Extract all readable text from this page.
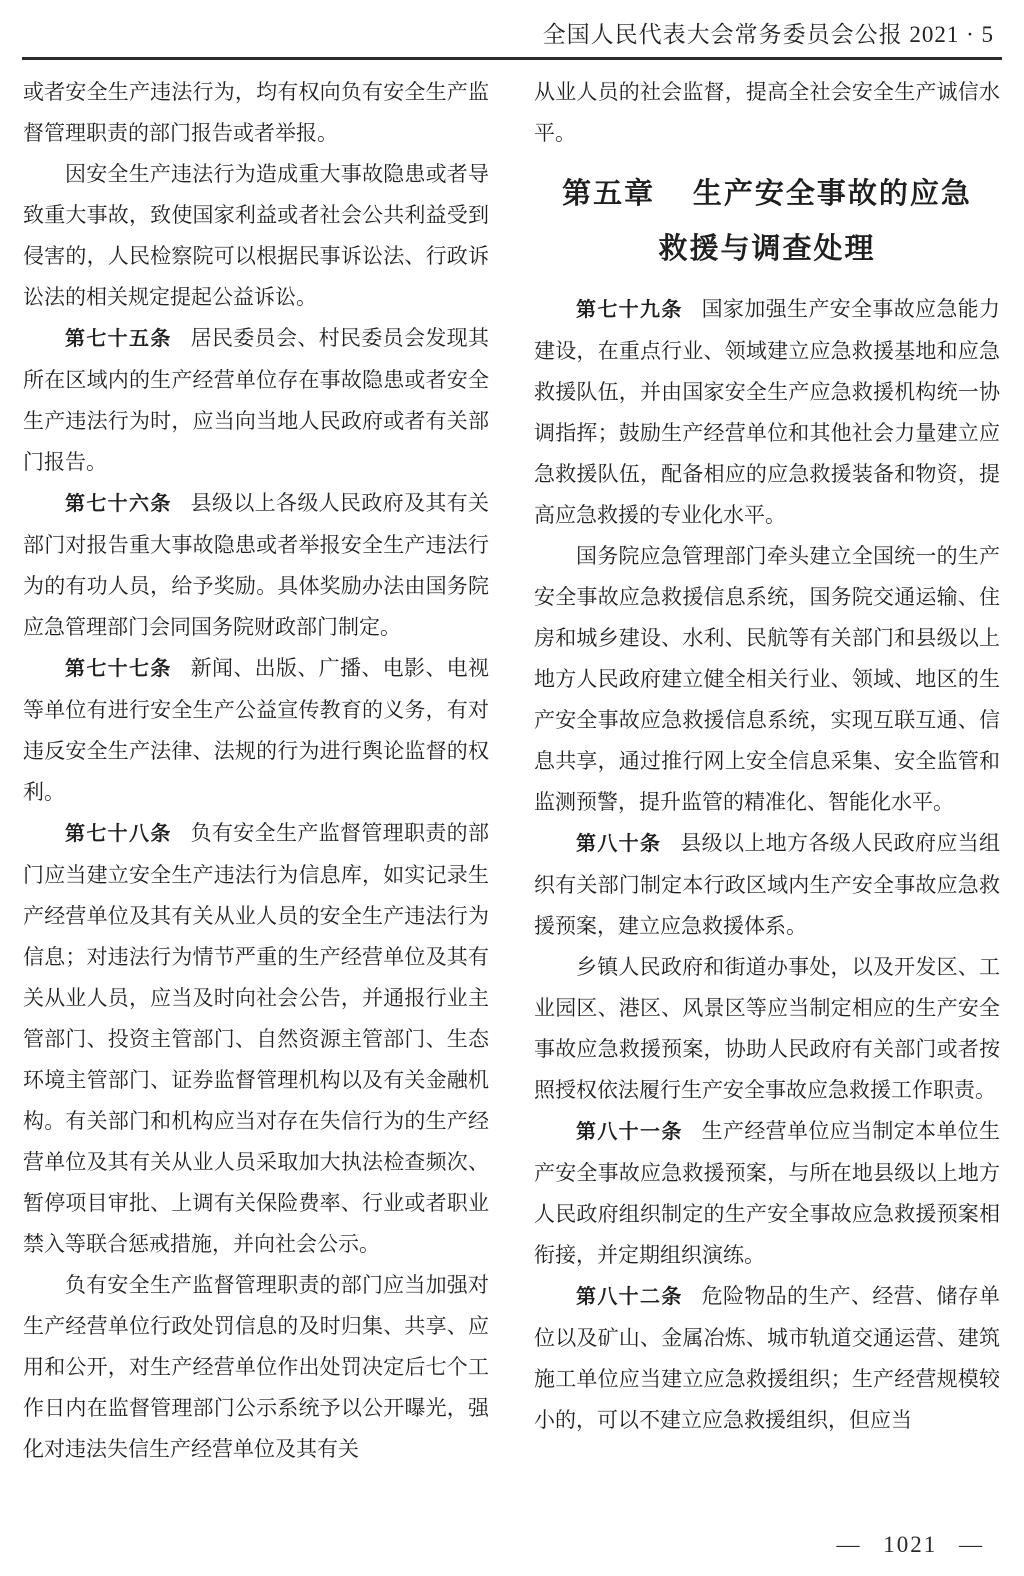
全国人民代表大会常务委员会公报 2021 · 5

或者安全生产违法行为，均有权向负有安全生产监督管理职责的部门报告或者举报。

因安全生产违法行为造成重大事故隐患或者导致重大事故，致使国家利益或者社会公共利益受到侵害的，人民检察院可以根据民事诉讼法、行政诉讼法的相关规定提起公益诉讼。

第七十五条 居民委员会、村民委员会发现其所在区域内的生产经营单位存在事故隐患或者安全生产违法行为时，应当向当地人民政府或者有关部门报告。

第七十六条 县级以上各级人民政府及其有关部门对报告重大事故隐患或者举报安全生产违法行为的有功人员，给予奖励。具体奖励办法由国务院应急管理部门会同国务院财政部门制定。

第七十七条 新闻、出版、广播、电影、电视等单位有进行安全生产公益宣传教育的义务，有对违反安全生产法律、法规的行为进行舆论监督的权利。

第七十八条 负有安全生产监督管理职责的部门应当建立安全生产违法行为信息库，如实记录生产经营单位及其有关从业人员的安全生产违法行为信息；对违法行为情节严重的生产经营单位及其有关从业人员，应当及时向社会公告，并通报行业主管部门、投资主管部门、自然资源主管部门、生态环境主管部门、证券监督管理机构以及有关金融机构。有关部门和机构应当对存在失信行为的生产经营单位及其有关从业人员采取加大执法检查频次、暂停项目审批、上调有关保险费率、行业或者职业禁入等联合惩戒措施，并向社会公示。

负有安全生产监督管理职责的部门应当加强对生产经营单位行政处罚信息的及时归集、共享、应用和公开，对生产经营单位作出处罚决定后七个工作日内在监督管理部门公示系统予以公开曝光，强化对违法失信生产经营单位及其有关

从业人员的社会监督，提高全社会安全生产诚信水平。

第五章 生产安全事故的应急
救援与调查处理

第七十九条 国家加强生产安全事故应急能力建设，在重点行业、领域建立应急救援基地和应急救援队伍，并由国家安全生产应急救援机构统一协调指挥；鼓励生产经营单位和其他社会力量建立应急救援队伍，配备相应的应急救援装备和物资，提高应急救援的专业化水平。

国务院应急管理部门牵头建立全国统一的生产安全事故应急救援信息系统，国务院交通运输、住房和城乡建设、水利、民航等有关部门和县级以上地方人民政府建立健全相关行业、领域、地区的生产安全事故应急救援信息系统，实现互联互通、信息共享，通过推行网上安全信息采集、安全监管和监测预警，提升监管的精准化、智能化水平。

第八十条 县级以上地方各级人民政府应当组织有关部门制定本行政区域内生产安全事故应急救援预案，建立应急救援体系。

乡镇人民政府和街道办事处，以及开发区、工业园区、港区、风景区等应当制定相应的生产安全事故应急救援预案，协助人民政府有关部门或者按照授权依法履行生产安全事故应急救援工作职责。

第八十一条 生产经营单位应当制定本单位生产安全事故应急救援预案，与所在地县级以上地方人民政府组织制定的生产安全事故应急救援预案相衔接，并定期组织演练。

第八十二条 危险物品的生产、经营、储存单位以及矿山、金属冶炼、城市轨道交通运营、建筑施工单位应当建立应急救援组织；生产经营规模较小的，可以不建立应急救援组织，但应当

— 1021 —
